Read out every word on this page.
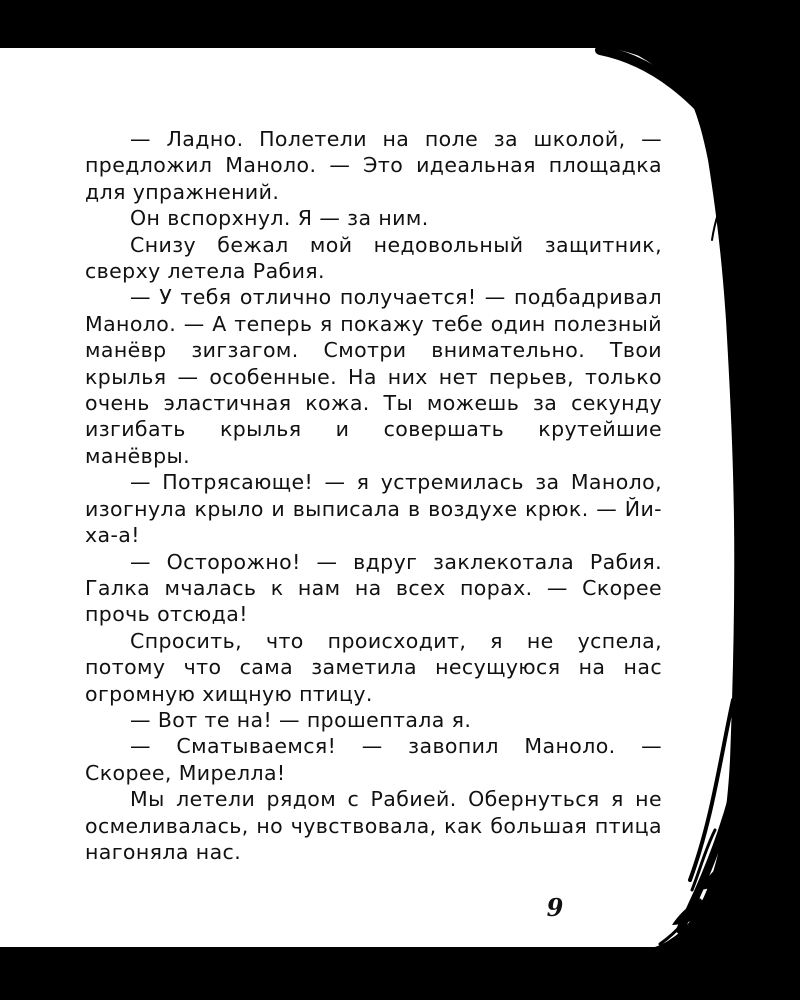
— Ладно. Полетели на поле за школой, — предложил Маноло. — Это идеальная площадка для упражнений.

Он вспорхнул. Я — за ним.

Снизу бежал мой недовольный защитник, сверху летела Рабия.

— У тебя отлично получается! — подбадривал Маноло. — А теперь я покажу тебе один полезный манёвр зигзагом. Смотри внимательно. Твои крылья — особенные. На них нет перьев, только очень эластичная кожа. Ты можешь за секунду изгибать крылья и совершать крутейшие манёвры.

— Потрясающе! — я устремилась за Маноло, изогнула крыло и выписала в воздухе крюк. — Йи-ха-а!

— Осторожно! — вдруг заклекотала Рабия. Галка мчалась к нам на всех порах. — Скорее прочь отсюда!

Спросить, что происходит, я не успела, потому что сама заметила несущуюся на нас огромную хищную птицу.

— Вот те на! — прошептала я.

— Сматываемся! — завопил Маноло. — Скорее, Мирелла!

Мы летели рядом с Рабией. Обернуться я не осмеливалась, но чувствовала, как большая птица нагоняла нас.

9
